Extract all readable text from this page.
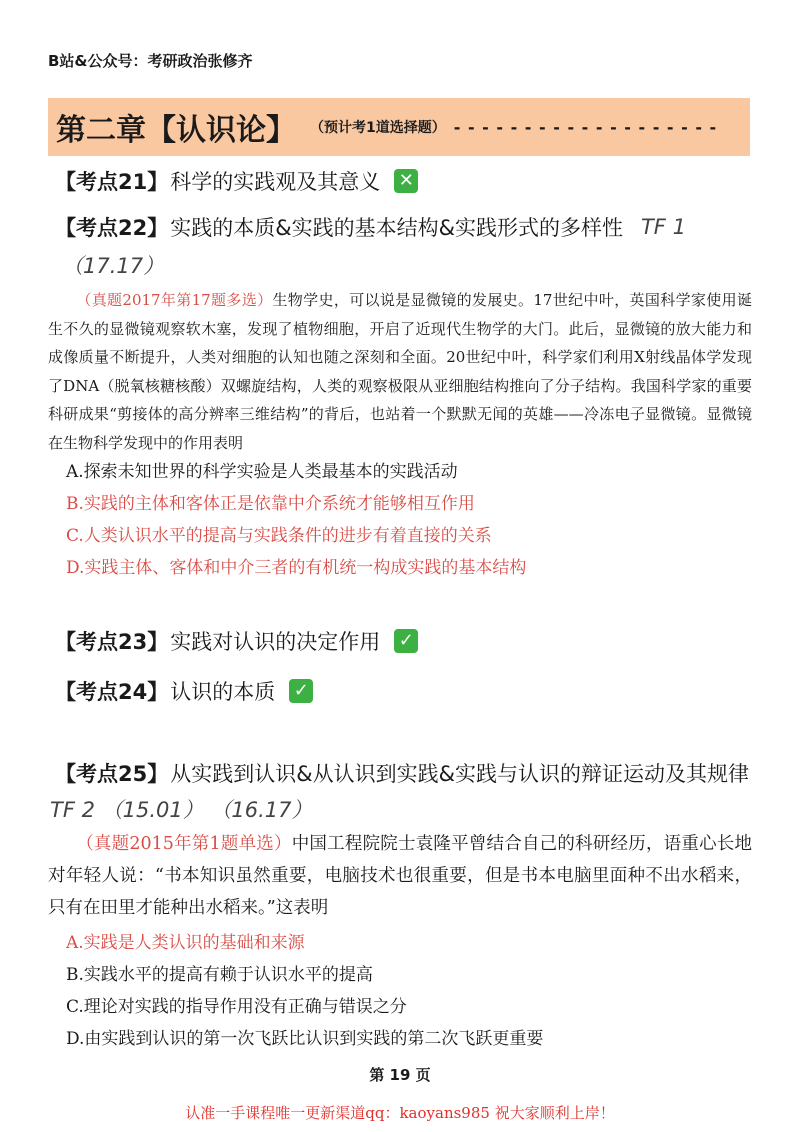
B站&公众号：考研政治张修齐
第二章【认识论】 （预计考1道选择题） - - - - - - - - - - - - - - - - - - -
【考点21】 科学的实践观及其意义 ✕
【考点22】 实践的本质&实践的基本结构&实践形式的多样性 TF 1
（17.17）
（真题2017年第17题多选）生物学史，可以说是显微镜的发展史。17世纪中叶，英国科学家使用诞生不久的显微镜观察软木塞，发现了植物细胞，开启了近现代生物学的大门。此后，显微镜的放大能力和成像质量不断提升，人类对细胞的认知也随之深刻和全面。20世纪中叶，科学家们利用X射线晶体学发现了DNA（脱氧核糖核酸）双螺旋结构，人类的观察极限从亚细胞结构推向了分子结构。我国科学家的重要科研成果“剪接体的高分辨率三维结构”的背后，也站着一个默默无闻的英雄——冷冻电子显微镜。显微镜在生物科学发现中的作用表明
A.探索未知世界的科学实验是人类最基本的实践活动
B.实践的主体和客体正是依靠中介系统才能够相互作用
C.人类认识水平的提高与实践条件的进步有着直接的关系
D.实践主体、客体和中介三者的有机统一构成实践的基本结构
【考点23】 实践对认识的决定作用 ✓
【考点24】 认识的本质 ✓
【考点25】 从实践到认识&从认识到实践&实践与认识的辩证运动及其规律
TF 2 （15.01） （16.17）
（真题2015年第1题单选）中国工程院院士袁隆平曾结合自己的科研经历，语重心长地对年轻人说：“书本知识虽然重要，电脑技术也很重要，但是书本电脑里面种不出水稻来，只有在田里才能种出水稻来。”这表明
A.实践是人类认识的基础和来源
B.实践水平的提高有赖于认识水平的提高
C.理论对实践的指导作用没有正确与错误之分
D.由实践到认识的第一次飞跃比认识到实践的第二次飞跃更重要
第 19 页
认准一手课程唯一更新渠道qq：kaoyans985 祝大家顺利上岸！
